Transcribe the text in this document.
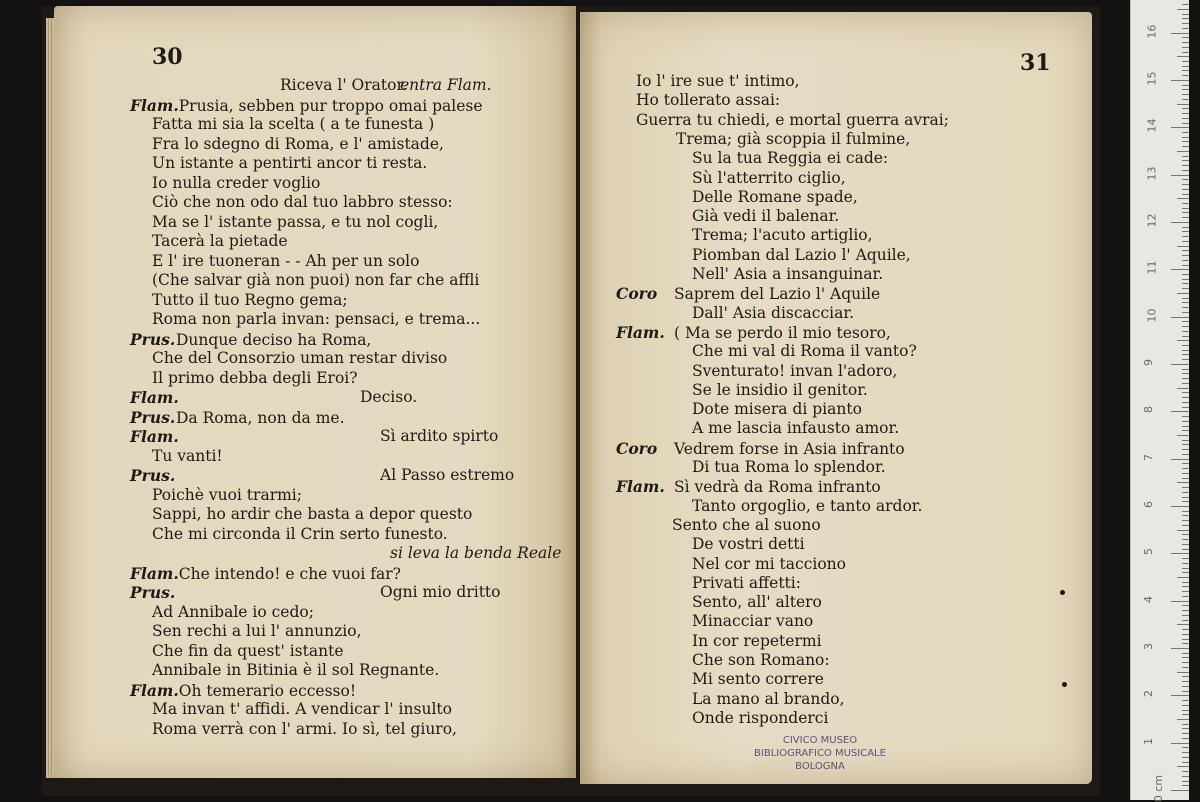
30
Riceva l' Orator.
entra Flam.
Flam.Prusia, sebben pur troppo omai palese
Fatta mi sia la scelta ( a te funesta )
Fra lo sdegno di Roma, e l' amistade,
Un istante a pentirti ancor ti resta.
Io nulla creder voglio
Ciò che non odo dal tuo labbro stesso:
Ma se l' istante passa, e tu nol cogli,
Tacerà la pietade
E l' ire tuoneran - - Ah per un solo
(Che salvar già non puoi) non far che affli
Tutto il tuo Regno gema;
Roma non parla invan: pensaci, e trema...
Prus.Dunque deciso ha Roma,
Che del Consorzio uman restar diviso
Il primo debba degli Eroi?
Flam.	Deciso.
Prus.Da Roma, non da me.
Flam.	Sì ardito spirto
Tu vanti!
Prus.	Al Passo estremo
Poichè vuoi trarmi;
Sappi, ho ardir che basta a depor questo
Che mi circonda il Crin serto funesto.
si leva la benda Reale
Flam.Che intendo! e che vuoi far?
Prus.	Ogni mio dritto
Ad Annibale io cedo;
Sen rechi a lui l' annunzio,
Che fin da quest' istante
Annibale in Bitinia è il sol Regnante.
Flam.Oh temerario eccesso!
Ma invan t' affidi. A vendicar l' insulto
Roma verrà con l' armi. Io sì, tel giuro,
31
CIVICO MUSEO
BIBLIOGRAFICO MUSICALE
BOLOGNA
Io l' ire sue t' intimo,
Ho tollerato assai:
Guerra tu chiedi, e mortal guerra avrai;
Trema; già scoppia il fulmine,
Su la tua Reggia ei cade:
Sù l'atterrito ciglio,
Delle Romane spade,
Già vedi il balenar.
Trema; l'acuto artiglio,
Piomban dal Lazio l' Aquile,
Nell' Asia a insanguinar.
Coro Saprem del Lazio l' Aquile
Dall' Asia discacciar.
Flam. ( Ma se perdo il mio tesoro,
Che mi val di Roma il vanto?
Sventurato! invan l'adoro,
Se le insidio il genitor.
Dote misera di pianto
A me lascia infausto amor.
Coro Vedrem forse in Asia infranto
Di tua Roma lo splendor.
Flam. Sì vedrà da Roma infranto
Tanto orgoglio, e tanto ardor.
Sento che al suono
De vostri detti
Nel cor mi tacciono
Privati affetti:
Sento, all' altero
Minacciar vano
In cor repetermi
Che son Romano:
Mi sento correre
La mano al brando,
Onde risponderci
16
15
14
13
12
11
10
9
8
7
6
5
4
3
2
1
0 cm
